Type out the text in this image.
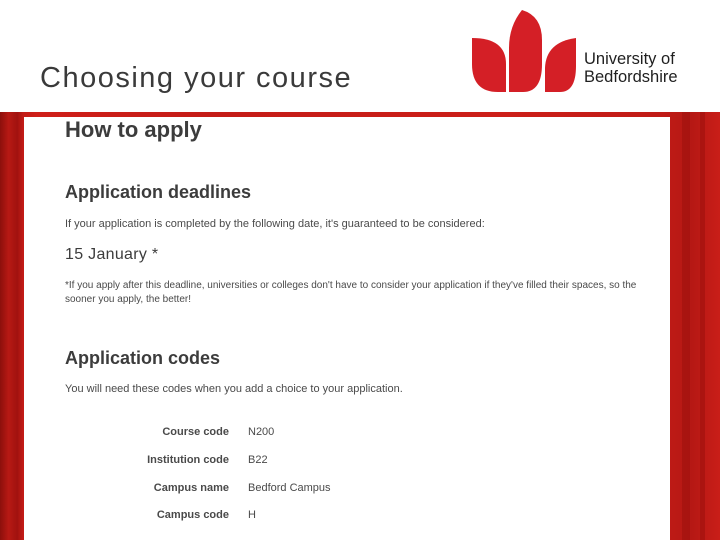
Choosing your course
University of
Bedfordshire
How to apply
Application deadlines
If your application is completed by the following date, it's guaranteed to be considered:
15 January *
*If you apply after this deadline, universities or colleges don't have to consider your application if they've filled their spaces, so the sooner you apply, the better!
Application codes
You will need these codes when you add a choice to your application.
Course code N200
Institution code B22
Campus name Bedford Campus
Campus code H
